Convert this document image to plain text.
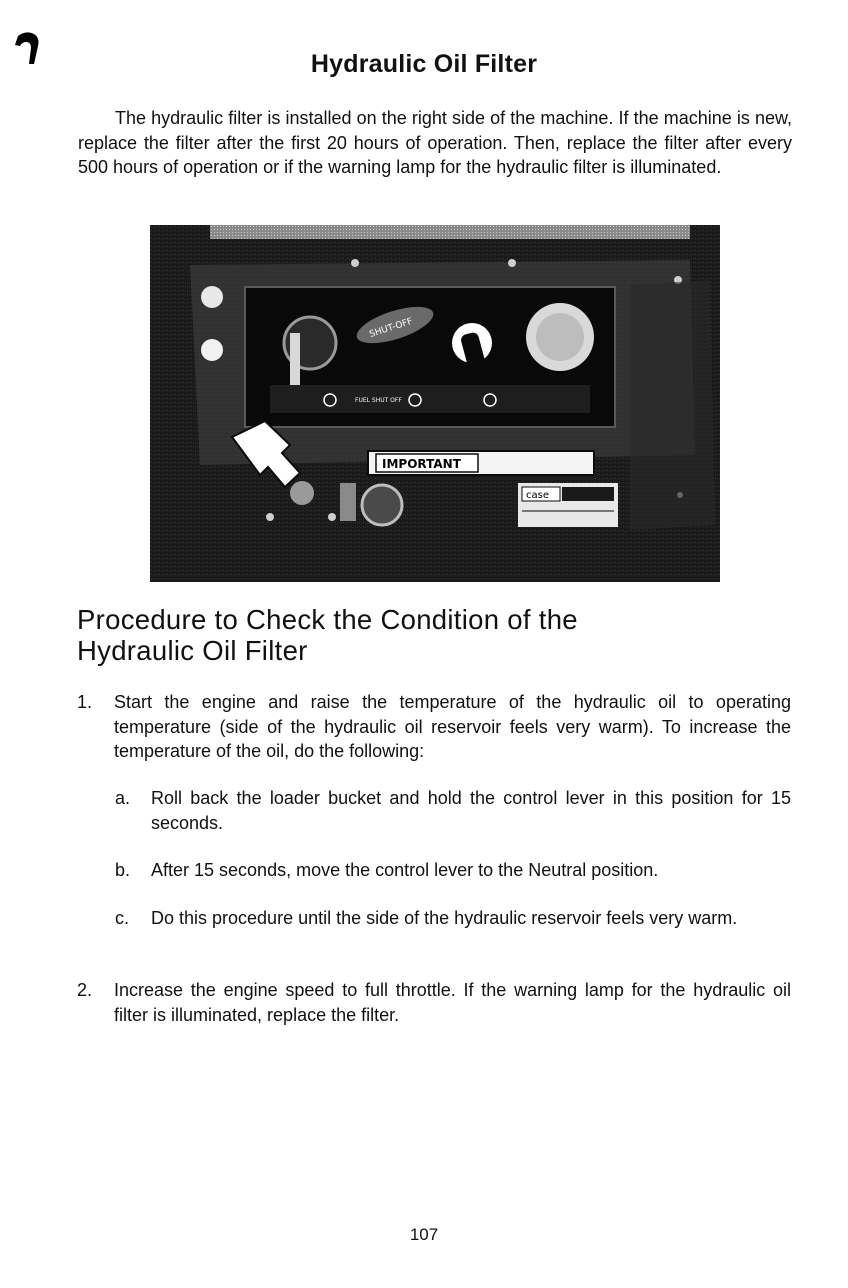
Hydraulic Oil Filter

The hydraulic filter is installed on the right side of the machine. If the machine is new, replace the filter after the first 20 hours of operation. Then, replace the filter after every 500 hours of operation or if the warning lamp for the hydraulic filter is illuminated.

SHUT-OFF
FUEL SHUT OFF
IMPORTANT
case
Procedure to Check the Condition of the
Hydraulic Oil Filter
1. Start the engine and raise the temperature of the hydraulic oil to operating temperature (side of the hydraulic oil reservoir feels very warm). To increase the temperature of the oil, do the following:

a. Roll back the loader bucket and hold the control lever in this position for 15 seconds.

b. After 15 seconds, move the control lever to the Neutral position.

c. Do this procedure until the side of the hydraulic reservoir feels very warm.

2. Increase the engine speed to full throttle. If the warning lamp for the hydraulic oil filter is illuminated, replace the filter.

107
